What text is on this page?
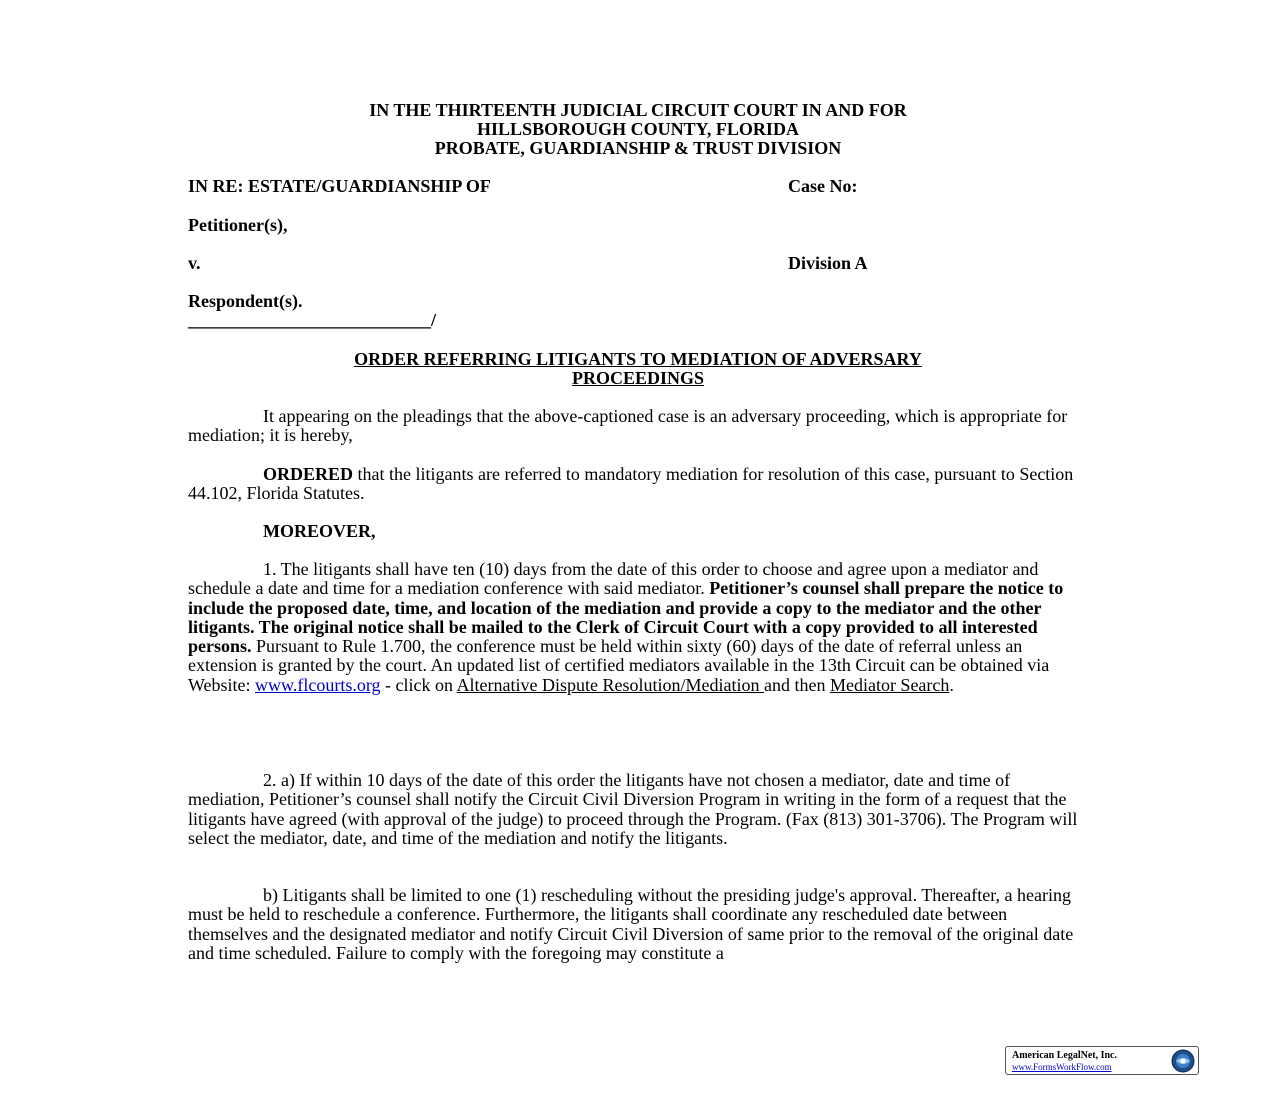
IN THE THIRTEENTH JUDICIAL CIRCUIT COURT IN AND FOR
HILLSBOROUGH COUNTY, FLORIDA
PROBATE, GUARDIANSHIP & TRUST DIVISION
IN RE: ESTATE/GUARDIANSHIP OF	Case No:
Petitioner(s),
v.	Division A
Respondent(s).
___________________________/
ORDER REFERRING LITIGANTS TO MEDIATION OF ADVERSARY
PROCEEDINGS
It appearing on the pleadings that the above-captioned case is an adversary proceeding, which is appropriate for mediation; it is hereby,
ORDERED that the litigants are referred to mandatory mediation for resolution of this case, pursuant to Section 44.102, Florida Statutes.
MOREOVER,
1. The litigants shall have ten (10) days from the date of this order to choose and agree upon a mediator and schedule a date and time for a mediation conference with said mediator. Petitioner’s counsel shall prepare the notice to include the proposed date, time, and location of the mediation and provide a copy to the mediator and the other litigants. The original notice shall be mailed to the Clerk of Circuit Court with a copy provided to all interested persons. Pursuant to Rule 1.700, the conference must be held within sixty (60) days of the date of referral unless an extension is granted by the court. An updated list of certified mediators available in the 13th Circuit can be obtained via Website: www.flcourts.org - click on Alternative Dispute Resolution/Mediation and then Mediator Search.
2. a) If within 10 days of the date of this order the litigants have not chosen a mediator, date and time of mediation, Petitioner’s counsel shall notify the Circuit Civil Diversion Program in writing in the form of a request that the litigants have agreed (with approval of the judge) to proceed through the Program. (Fax (813) 301-3706). The Program will select the mediator, date, and time of the mediation and notify the litigants.
b) Litigants shall be limited to one (1) rescheduling without the presiding judge's approval. Thereafter, a hearing must be held to reschedule a conference. Furthermore, the litigants shall coordinate any rescheduled date between themselves and the designated mediator and notify Circuit Civil Diversion of same prior to the removal of the original date and time scheduled. Failure to comply with the foregoing may constitute a
American LegalNet, Inc.
www.FormsWorkFlow.com
